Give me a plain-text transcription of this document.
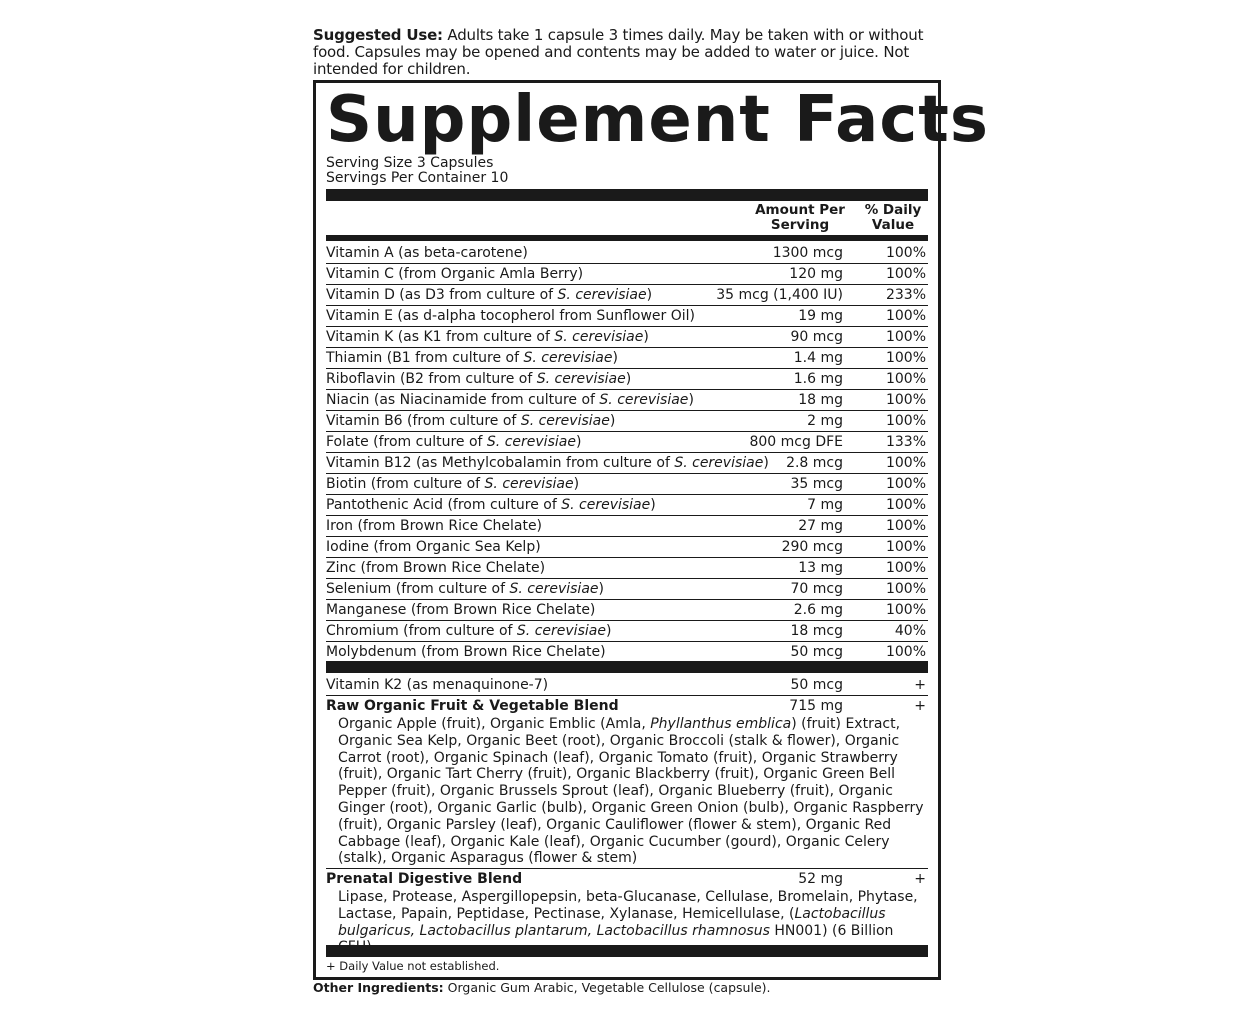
Suggested Use: Adults take 1 capsule 3 times daily. May be taken with or without food. Capsules may be opened and contents may be added to water or juice. Not intended for children.
Supplement Facts
Serving Size 3 Capsules
Servings Per Container 10
Amount Per Serving
% Daily Value
Vitamin A (as beta-carotene)	1300 mcg	100%
Vitamin C (from Organic Amla Berry)	120 mg	100%
Vitamin D (as D3 from culture of S. cerevisiae)	35 mcg (1,400 IU)	233%
Vitamin E (as d-alpha tocopherol from Sunflower Oil)	19 mg	100%
Vitamin K (as K1 from culture of S. cerevisiae)	90 mcg	100%
Thiamin (B1 from culture of S. cerevisiae)	1.4 mg	100%
Riboflavin (B2 from culture of S. cerevisiae)	1.6 mg	100%
Niacin (as Niacinamide from culture of S. cerevisiae)	18 mg	100%
Vitamin B6 (from culture of S. cerevisiae)	2 mg	100%
Folate (from culture of S. cerevisiae)	800 mcg DFE	133%
Vitamin B12 (as Methylcobalamin from culture of S. cerevisiae) 2.8 mcg	100%
Biotin (from culture of S. cerevisiae)	35 mcg	100%
Pantothenic Acid (from culture of S. cerevisiae)	7 mg	100%
Iron (from Brown Rice Chelate)	27 mg	100%
Iodine (from Organic Sea Kelp)	290 mcg	100%
Zinc (from Brown Rice Chelate)	13 mg	100%
Selenium (from culture of S. cerevisiae)	70 mcg	100%
Manganese (from Brown Rice Chelate)	2.6 mg	100%
Chromium (from culture of S. cerevisiae)	18 mcg	40%
Molybdenum (from Brown Rice Chelate)	50 mcg	100%
Vitamin K2 (as menaquinone-7)	50 mcg	+
Raw Organic Fruit & Vegetable Blend	715 mg	+
Organic Apple (fruit), Organic Emblic (Amla, Phyllanthus emblica) (fruit) Extract, Organic Sea Kelp, Organic Beet (root), Organic Broccoli (stalk & flower), Organic Carrot (root), Organic Spinach (leaf), Organic Tomato (fruit), Organic Strawberry (fruit), Organic Tart Cherry (fruit), Organic Blackberry (fruit), Organic Green Bell Pepper (fruit), Organic Brussels Sprout (leaf), Organic Blueberry (fruit), Organic Ginger (root), Organic Garlic (bulb), Organic Green Onion (bulb), Organic Raspberry (fruit), Organic Parsley (leaf), Organic Cauliflower (flower & stem), Organic Red Cabbage (leaf), Organic Kale (leaf), Organic Cucumber (gourd), Organic Celery (stalk), Organic Asparagus (flower & stem)
Prenatal Digestive Blend	52 mg	+
Lipase, Protease, Aspergillopepsin, beta-Glucanase, Cellulase, Bromelain, Phytase, Lactase, Papain, Peptidase, Pectinase, Xylanase, Hemicellulase, (Lactobacillus bulgaricus, Lactobacillus plantarum, Lactobacillus rhamnosus HN001) (6 Billion
+ Daily Value not established.
Other Ingredients: Organic Gum Arabic, Vegetable Cellulose (capsule).
